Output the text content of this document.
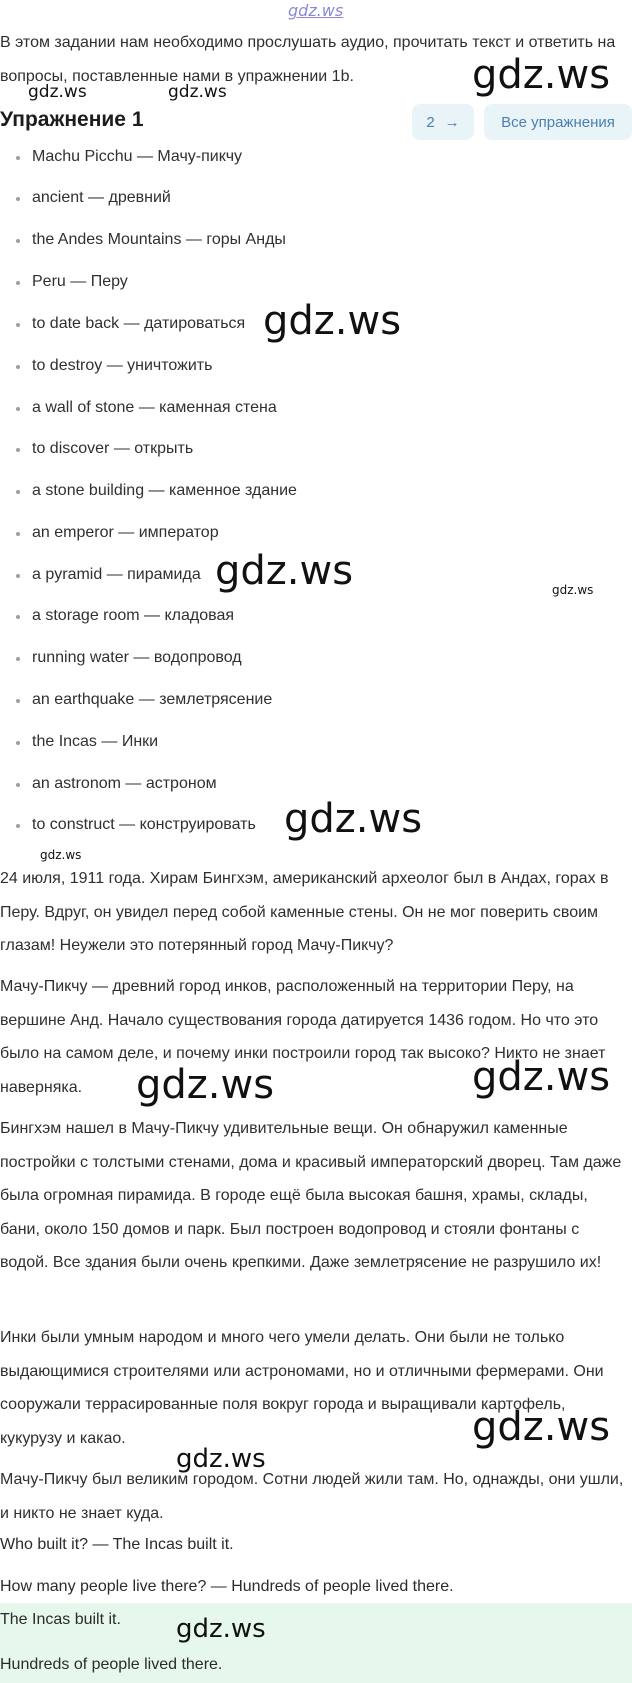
gdz.ws

В этом задании нам необходимо прослушать аудио, прочитать текст и ответить на вопросы, поставленные нами в упражнении 1b.

Упражнение 1	2 →	Все упражнения
Machu Picchu — Мачу-пикчу
ancient — древний
the Andes Mountains — горы Анды
Peru — Перу
to date back — датироваться
to destroy — уничтожить
a wall of stone — каменная стена
to discover — открыть
a stone building — каменное здание
an emperor — император
a pyramid — пирамида
a storage room — кладовая
running water — водопровод
an earthquake — землетрясение
the Incas — Инки
an astronom — астроном
to construct — конструировать

24 июля, 1911 года. Хирам Бингхэм, американский археолог был в Андах, горах в Перу. Вдруг, он увидел перед собой каменные стены. Он не мог поверить своим глазам! Неужели это потерянный город Мачу-Пикчу?

Мачу-Пикчу — древний город инков, расположенный на территории Перу, на вершине Анд. Начало существования города датируется 1436 годом. Но что это было на самом деле, и почему инки построили город так высоко? Никто не знает наверняка.

Бингхэм нашел в Мачу-Пикчу удивительные вещи. Он обнаружил каменные постройки с толстыми стенами, дома и красивый императорский дворец. Там даже была огромная пирамида. В городе ещё была высокая башня, храмы, склады, бани, около 150 домов и парк. Был построен водопровод и стояли фонтаны с водой. Все здания были очень крепкими. Даже землетрясение не разрушило их!

Инки были умным народом и много чего умели делать. Они были не только выдающимися строителями или астрономами, но и отличными фермерами. Они сооружали террасированные поля вокруг города и выращивали картофель, кукурузу и какао.

Мачу-Пикчу был великим городом. Сотни людей жили там. Но, однажды, они ушли, и никто не знает куда.

Who built it? — The Incas built it.
How many people live there? — Hundreds of people lived there.
The Incas built it.
Hundreds of people lived there.
gdz.ws
gdz.ws
gdz.ws
gdz.ws
gdz.ws	gdz.ws
gdz.ws
gdz.ws	gdz.ws
gdz.ws
gdz.ws
gdz.ws
gdz.ws
